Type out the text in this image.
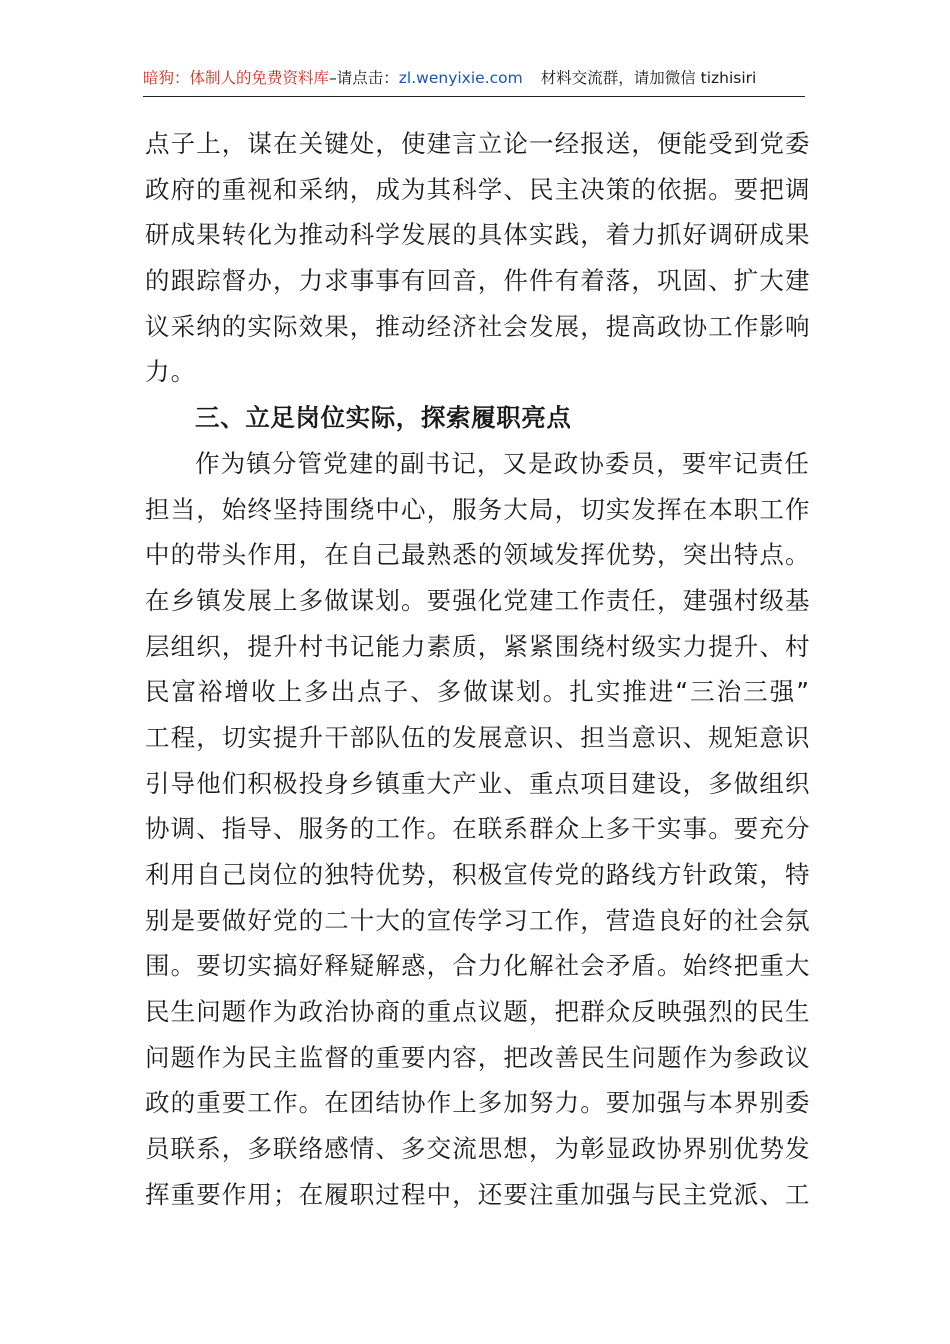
暗狗：体制人的免费资料库–请点击：zl.wenyixie.com 材料交流群，请加微信 tizhisiri
点子上，谋在关键处，使建言立论一经报送，便能受到党委
政府的重视和采纳，成为其科学、民主决策的依据。要把调
研成果转化为推动科学发展的具体实践，着力抓好调研成果
的跟踪督办，力求事事有回音，件件有着落，巩固、扩大建
议采纳的实际效果，推动经济社会发展，提高政协工作影响
力。
三、立足岗位实际，探索履职亮点
作为镇分管党建的副书记，又是政协委员，要牢记责任
担当，始终坚持围绕中心，服务大局，切实发挥在本职工作
中的带头作用，在自己最熟悉的领域发挥优势，突出特点。
在乡镇发展上多做谋划。要强化党建工作责任，建强村级基
层组织，提升村书记能力素质，紧紧围绕村级实力提升、村
民富裕增收上多出点子、多做谋划。扎实推进“三治三强”
工程，切实提升干部队伍的发展意识、担当意识、规矩意识
引导他们积极投身乡镇重大产业、重点项目建设，多做组织
协调、指导、服务的工作。在联系群众上多干实事。要充分
利用自己岗位的独特优势，积极宣传党的路线方针政策，特
别是要做好党的二十大的宣传学习工作，营造良好的社会氛
围。要切实搞好释疑解惑，合力化解社会矛盾。始终把重大
民生问题作为政治协商的重点议题，把群众反映强烈的民生
问题作为民主监督的重要内容，把改善民生问题作为参政议
政的重要工作。在团结协作上多加努力。要加强与本界别委
员联系，多联络感情、多交流思想，为彰显政协界别优势发
挥重要作用；在履职过程中，还要注重加强与民主党派、工
